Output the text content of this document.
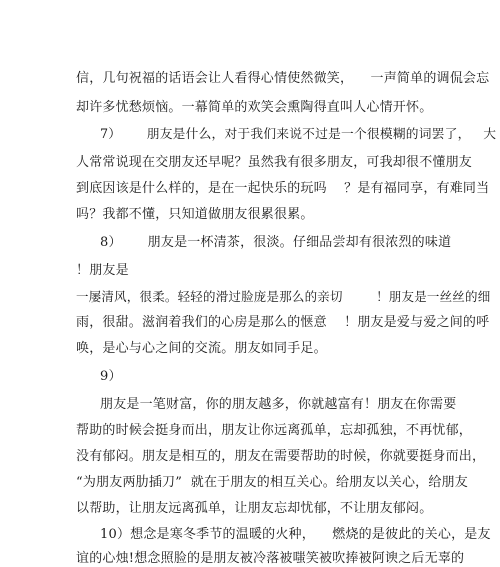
信，几句祝福的话语会让人看得心情使然微笑，    一声简单的调侃会忘
却许多忧愁烦恼。一幕简单的欢笑会熏陶得直叫人心情开怀。
7）      朋友是什么，对于我们来说不过是一个很模糊的词罢了，   大
人常常说现在交朋友还早呢？虽然我有很多朋友，可我却很不懂朋友
到底因该是什么样的，是在一起快乐的玩吗    ？是有福同享，有难同当
吗？我都不懂，只知道做朋友很累很累。
8）      朋友是一杯清茶，很淡。仔细品尝却有很浓烈的味道
！朋友是
一屡清风，很柔。轻轻的滑过脸庞是那么的亲切        ！朋友是一丝丝的细
雨，很甜。滋润着我们的心房是那么的惬意    ！朋友是爱与爱之间的呼
唤，是心与心之间的交流。朋友如同手足。
9）
朋友是一笔财富，你的朋友越多，你就越富有！朋友在你需要
帮助的时候会挺身而出，朋友让你远离孤单，忘却孤独，不再忧郁，
没有郁闷。朋友是相互的，朋友在需要帮助的时候，你就要挺身而出，
“为朋友两肋插刀”  就在于朋友的相互关心。给朋友以关心，给朋友
以帮助，让朋友远离孤单，让朋友忘却忧郁，不让朋友郁闷。
10）想念是寒冬季节的温暖的火种，    燃烧的是彼此的关心，是友
谊的心烛!想念照脸的是朋友被冷落被嗤笑被吹捧被阿谀之后无辜的
